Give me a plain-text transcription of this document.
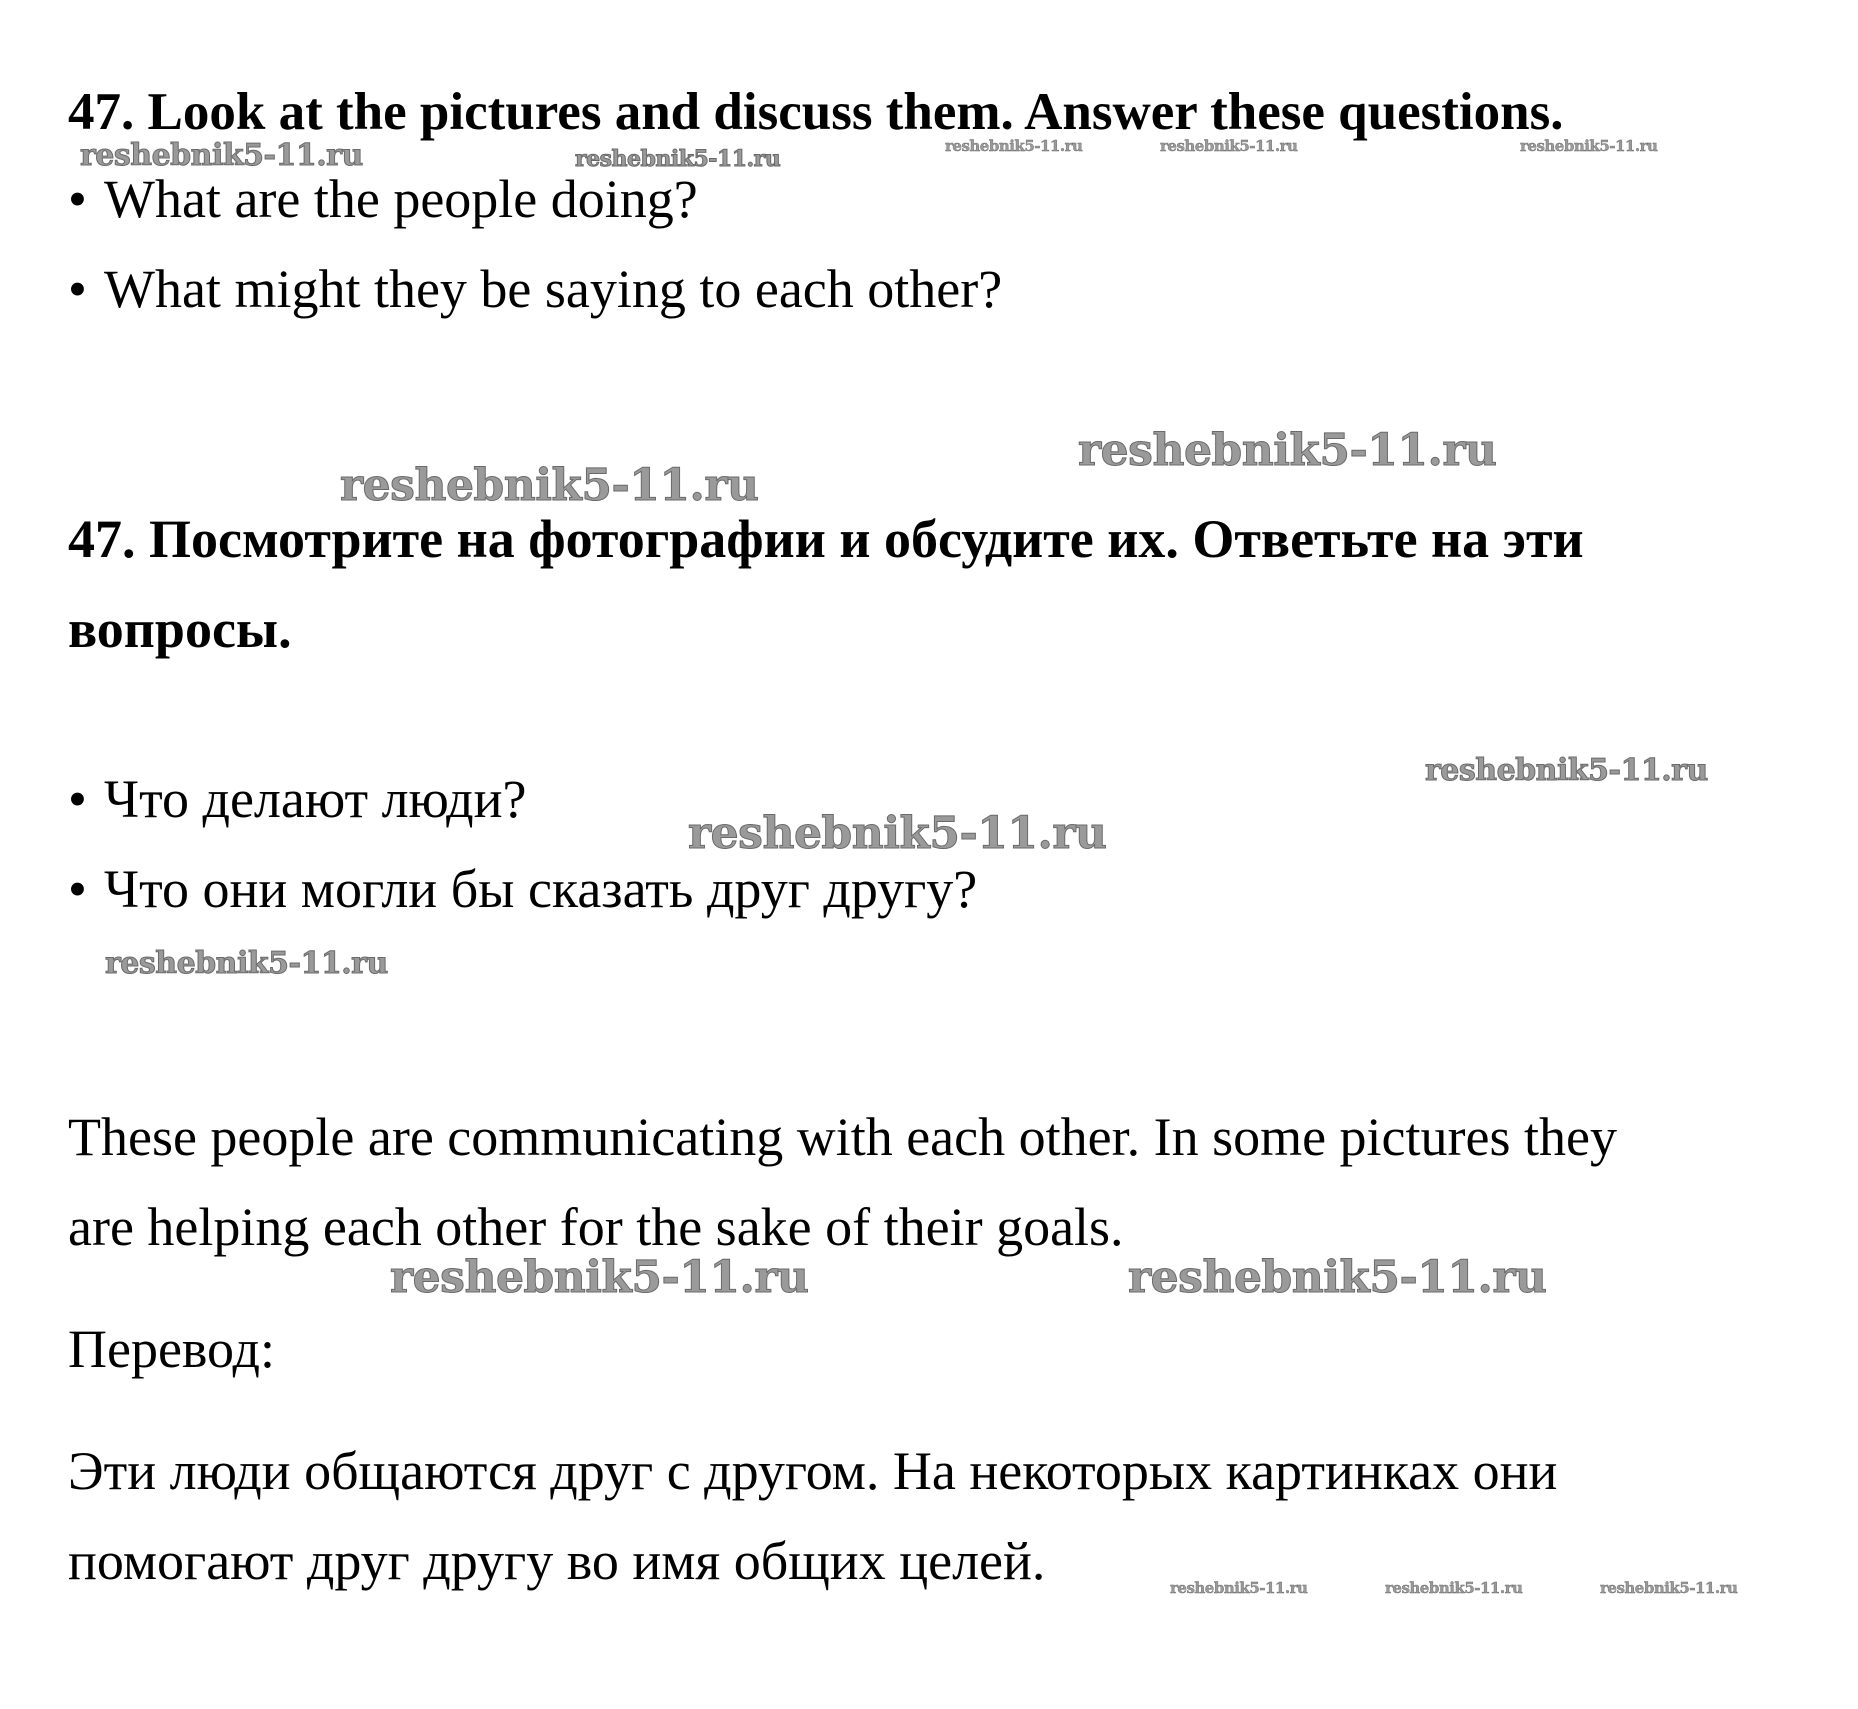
47. Look at the pictures and discuss them. Answer these questions.

• What are the people doing?

• What might they be saying to each other?

47. Посмотрите на фотографии и обсудите их. Ответьте на эти

вопросы.

• Что делают люди?

• Что они могли бы сказать друг другу?

These people are communicating with each other. In some pictures they

are helping each other for the sake of their goals.

Перевод:

Эти люди общаются друг с другом. На некоторых картинках они

помогают друг другу во имя общих целей.

reshebnik5-11.ru	reshebnik5-11.ru	reshebnik5-11.ru	reshebnik5-11.ru	reshebnik5-11.ru
reshebnik5-11.ru
reshebnik5-11.ru
reshebnik5-11.ru
reshebnik5-11.ru
reshebnik5-11.ru
reshebnik5-11.ru	reshebnik5-11.ru
reshebnik5-11.ru	reshebnik5-11.ru	reshebnik5-11.ru
